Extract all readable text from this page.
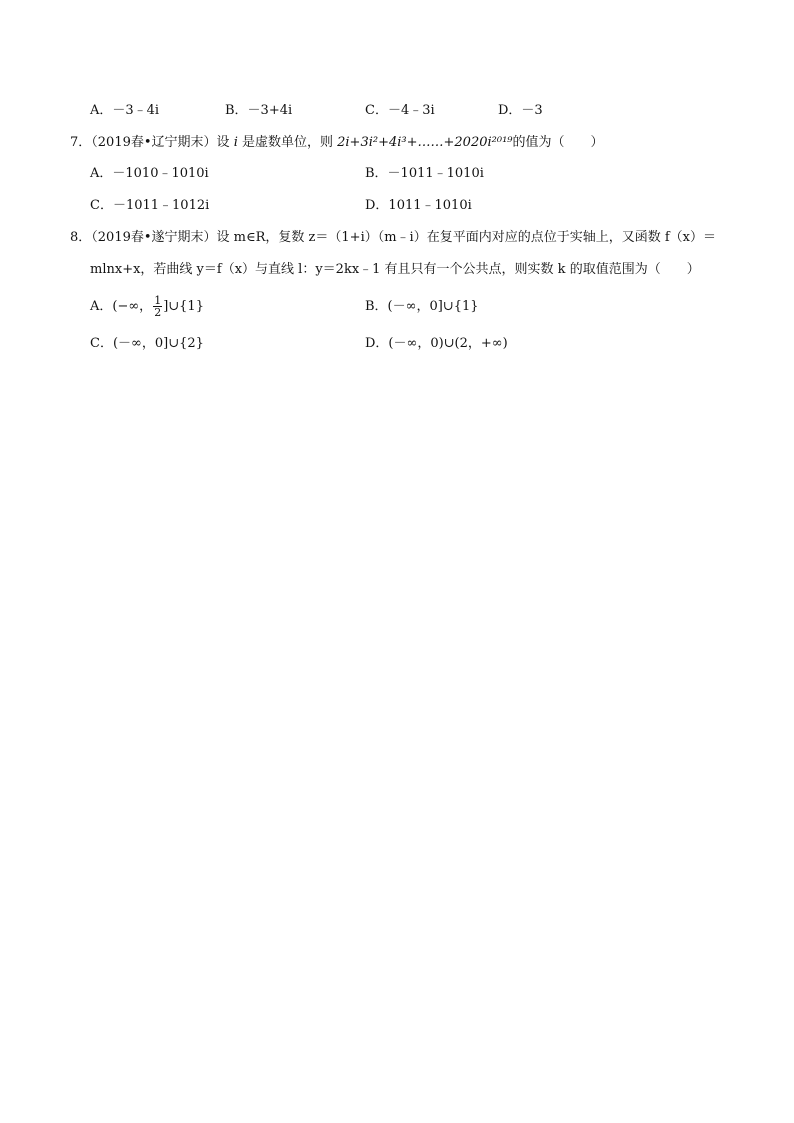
A．－3﹣4i	B．－3+4i	C．－4﹣3i	D．－3
7．（2019春•辽宁期末）设 i 是虚数单位，则 2i+3i²+4i³+……+2020i²⁰¹⁹的值为（　　）
A．－1010﹣1010i	B．－1011﹣1010i
C．－1011﹣1012i	D．1011﹣1010i
8．（2019春•遂宁期末）设 m∈R，复数 z＝（1+i）（m﹣i）在复平面内对应的点位于实轴上，又函数 f（x）＝
mlnx+x，若曲线 y＝f（x）与直线 l：y＝2kx﹣1 有且只有一个公共点，则实数 k 的取值范围为（　　）
A．(−∞， $\frac{1}{2}$ ]∪{1}	B．(－∞，0]∪{1}
C．(－∞，0]∪{2}	D．(－∞，0)∪(2，+∞)
